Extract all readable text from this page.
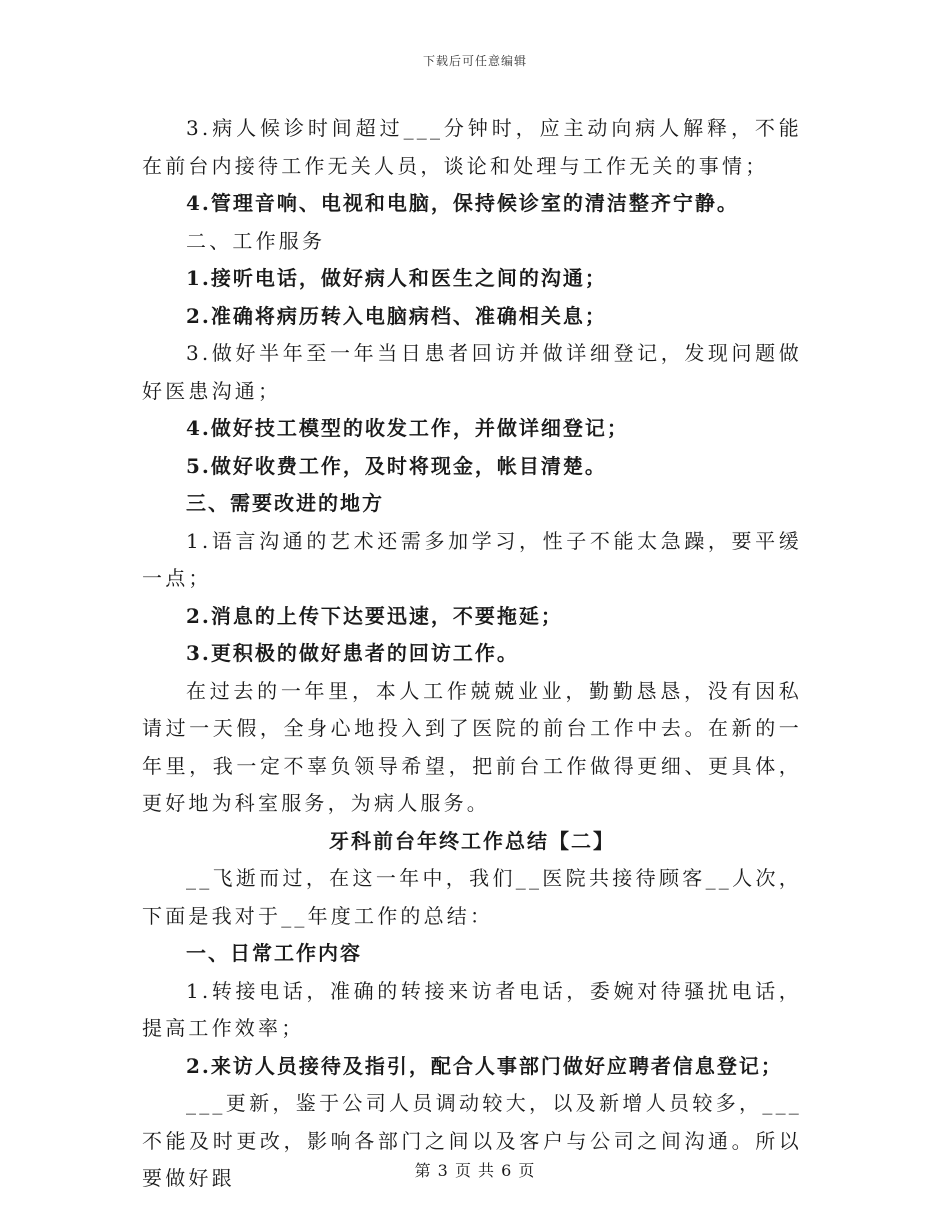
下载后可任意编辑

3.病人候诊时间超过___分钟时，应主动向病人解释，不能在前台内接待工作无关人员，谈论和处理与工作无关的事情；

4.管理音响、电视和电脑，保持候诊室的清洁整齐宁静。

二、工作服务

1.接听电话，做好病人和医生之间的沟通；

2.准确将病历转入电脑病档、准确相关息；

3.做好半年至一年当日患者回访并做详细登记，发现问题做好医患沟通；

4.做好技工模型的收发工作，并做详细登记；

5.做好收费工作，及时将现金，帐目清楚。

三、需要改进的地方

1.语言沟通的艺术还需多加学习，性子不能太急躁，要平缓一点；

2.消息的上传下达要迅速，不要拖延；

3.更积极的做好患者的回访工作。

在过去的一年里，本人工作兢兢业业，勤勤恳恳，没有因私请过一天假，全身心地投入到了医院的前台工作中去。在新的一年里，我一定不辜负领导希望，把前台工作做得更细、更具体，更好地为科室服务，为病人服务。

牙科前台年终工作总结【二】

__飞逝而过，在这一年中，我们__医院共接待顾客__人次，下面是我对于__年度工作的总结：

一、日常工作内容

1.转接电话，准确的转接来访者电话，委婉对待骚扰电话，提高工作效率；

2.来访人员接待及指引，配合人事部门做好应聘者信息登记；

___更新，鉴于公司人员调动较大，以及新增人员较多，___不能及时更改，影响各部门之间以及客户与公司之间沟通。所以要做好跟	第 3 页 共 6 页
